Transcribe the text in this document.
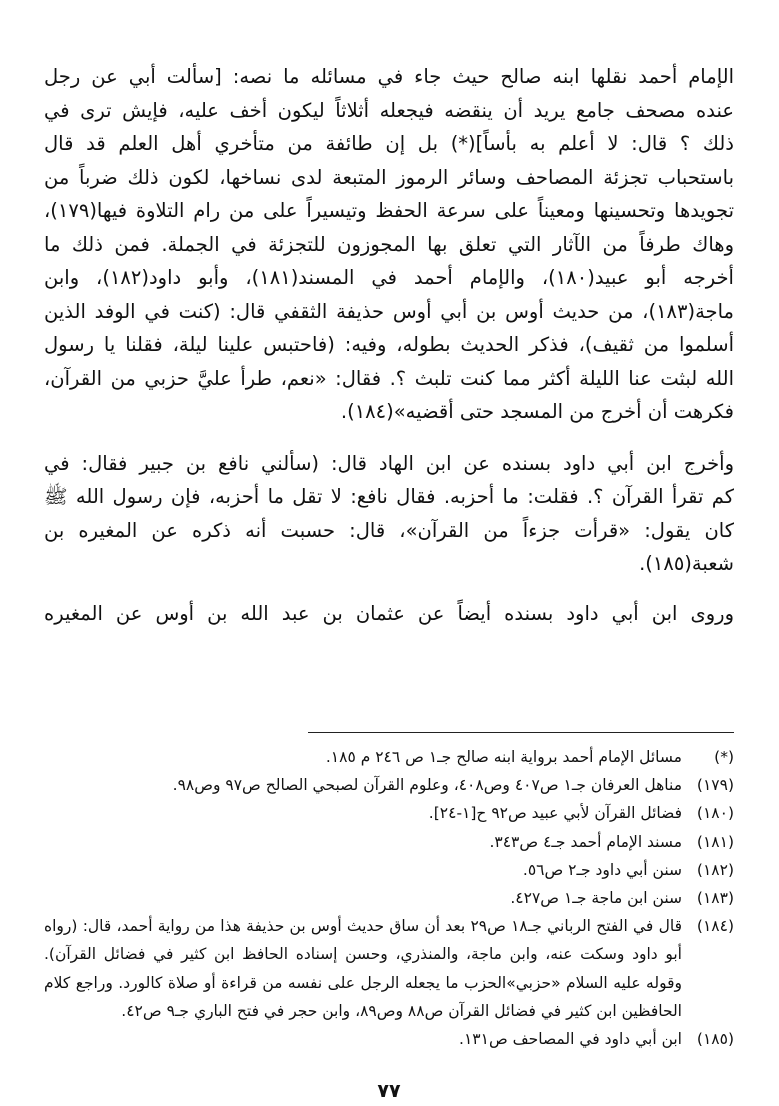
الإمام أحمد نقلها ابنه صالح حيث جاء في مسائله ما نصه: [سألت أبي عن رجل
عنده مصحف جامع يريد أن ينقضه فيجعله أثلاثاً ليكون أخف عليه، فإيش ترى في
ذلك ؟ قال: لا أعلم به بأساً](*) بل إن طائفة من متأخري أهل العلم قد قال
باستحباب تجزئة المصاحف وسائر الرموز المتبعة لدى نساخها، لكون ذلك ضرباً من
تجويدها وتحسينها ومعيناً على سرعة الحفظ وتيسيراً على من رام التلاوة فيها(١٧٩)،
وهاك طرفاً من الآثار التي تعلق بها المجوزون للتجزئة في الجملة. فمن ذلك ما
أخرجه أبو عبيد(١٨٠)، والإمام أحمد في المسند(١٨١)، وأبو داود(١٨٢)، وابن
ماجة(١٨٣)، من حديث أوس بن أبي أوس حذيفة الثقفي قال: (كنت في الوفد الذين
أسلموا من ثقيف)، فذكر الحديث بطوله، وفيه: (فاحتبس علينا ليلة، فقلنا يا رسول
الله لبثت عنا الليلة أكثر مما كنت تلبث ؟. فقال: «نعم، طرأ عليَّ حزبي من القرآن،
فكرهت أن أخرج من المسجد حتى أقضيه»(١٨٤).
وأخرج ابن أبي داود بسنده عن ابن الهاد قال: (سألني نافع بن جبير فقال: في
كم تقرأ القرآن ؟. فقلت: ما أحزبه. فقال نافع: لا تقل ما أحزبه، فإن رسول الله ﷺ
كان يقول: «قرأت جزءاً من القرآن»، قال: حسبت أنه ذكره عن المغيره بن
شعبة(١٨٥).
وروى ابن أبي داود بسنده أيضاً عن عثمان بن عبد الله بن أوس عن المغيره
(*)
مسائل الإمام أحمد برواية ابنه صالح جـ١ ص ٢٤٦ م ١٨٥.
(١٧٩)
مناهل العرفان جـ١ ص٤٠٧ وص٤٠٨، وعلوم القرآن لصبحي الصالح ص٩٧ وص٩٨.
(١٨٠)
فضائل القرآن لأبي عبيد ص٩٢ ح[١-٢٤].
(١٨١)
مسند الإمام أحمد جـ٤ ص٣٤٣.
(١٨٢)
سنن أبي داود جـ٢ ص٥٦.
(١٨٣)
سنن ابن ماجة جـ١ ص٤٢٧.
(١٨٤)
قال في الفتح الرباني جـ١٨ ص٢٩ بعد أن ساق حديث أوس بن حذيفة هذا من رواية أحمد، قال: (رواه أبو داود وسكت عنه، وابن ماجة، والمنذري، وحسن إسناده الحافظ ابن كثير في فضائل القرآن). وقوله عليه السلام «حزبي»الحزب ما يجعله الرجل على نفسه من قراءة أو صلاة كالورد. وراجع كلام الحافظين ابن كثير في فضائل القرآن ص٨٨ وص٨٩، وابن حجر في فتح الباري جـ٩ ص٤٢.
(١٨٥)
ابن أبي داود في المصاحف ص١٣١.
٧٧
